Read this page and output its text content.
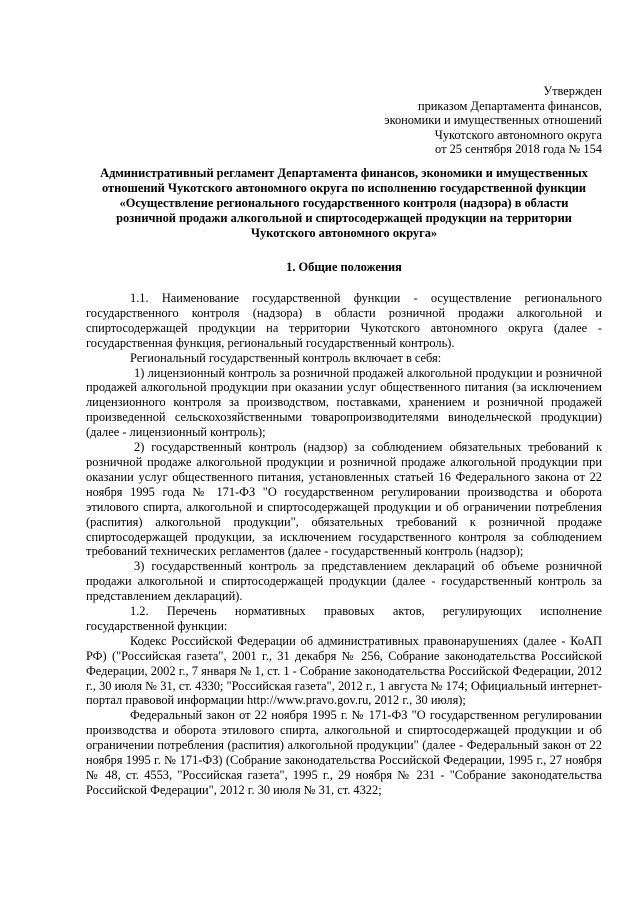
Утвержден
приказом Департамента финансов,
экономики и имущественных отношений
Чукотского автономного округа
от 25 сентября 2018 года № 154
Административный регламент Департамента финансов, экономики и имущественных
отношений Чукотского автономного округа по исполнению государственной функции
«Осуществление регионального государственного контроля (надзора) в области
розничной продажи алкогольной и спиртосодержащей продукции на территории
Чукотского автономного округа»
1. Общие положения

1.1. Наименование государственной функции - осуществление регионального государственного контроля (надзора) в области розничной продажи алкогольной и спиртосодержащей продукции на территории Чукотского автономного округа (далее - государственная функция, региональный государственный контроль).

Региональный государственный контроль включает в себя:

1) лицензионный контроль за розничной продажей алкогольной продукции и розничной продажей алкогольной продукции при оказании услуг общественного питания (за исключением лицензионного контроля за производством, поставками, хранением и розничной продажей произведенной сельскохозяйственными товаропроизводителями винодельческой продукции) (далее - лицензионный контроль);

2) государственный контроль (надзор) за соблюдением обязательных требований к розничной продаже алкогольной продукции и розничной продаже алкогольной продукции при оказании услуг общественного питания, установленных статьей 16 Федерального закона от 22 ноября 1995 года № 171-ФЗ "О государственном регулировании производства и оборота этилового спирта, алкогольной и спиртосодержащей продукции и об ограничении потребления (распития) алкогольной продукции", обязательных требований к розничной продаже спиртосодержащей продукции, за исключением государственного контроля за соблюдением требований технических регламентов (далее - государственный контроль (надзор);

3) государственный контроль за представлением деклараций об объеме розничной продажи алкогольной и спиртосодержащей продукции (далее - государственный контроль за представлением деклараций).

1.2. Перечень нормативных правовых актов, регулирующих исполнение государственной функции:

Кодекс Российской Федерации об административных правонарушениях (далее - КоАП РФ) ("Российская газета", 2001 г., 31 декабря № 256, Собрание законодательства Российской Федерации, 2002 г., 7 января № 1, ст. 1 - Собрание законодательства Российской Федерации, 2012 г., 30 июля № 31, ст. 4330; "Российская газета", 2012 г., 1 августа № 174; Официальный интернет-портал правовой информации http://www.pravo.gov.ru, 2012 г., 30 июля);

Федеральный закон от 22 ноября 1995 г. № 171-ФЗ "О государственном регулировании производства и оборота этилового спирта, алкогольной и спиртосодержащей продукции и об ограничении потребления (распития) алкогольной продукции" (далее - Федеральный закон от 22 ноября 1995 г. № 171-ФЗ) (Собрание законодательства Российской Федерации, 1995 г., 27 ноября № 48, ст. 4553, "Российская газета", 1995 г., 29 ноября № 231 - "Собрание законодательства Российской Федерации", 2012 г. 30 июля № 31, ст. 4322;
